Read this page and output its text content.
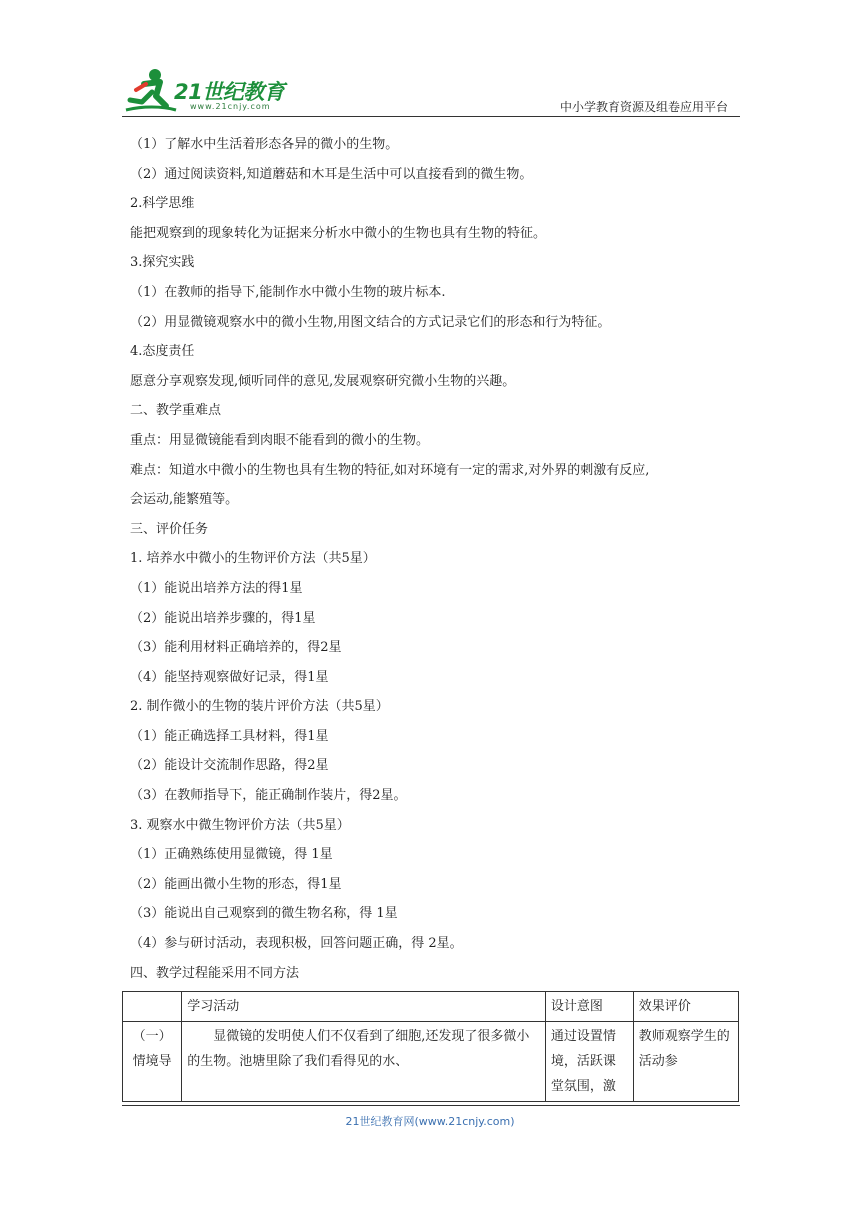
21世纪教育
www.21cnjy.com	中小学教育资源及组卷应用平台
（1）了解水中生活着形态各异的微小的生物。
（2）通过阅读资料,知道蘑菇和木耳是生活中可以直接看到的微生物。
2.科学思维
能把观察到的现象转化为证据来分析水中微小的生物也具有生物的特征。
3.探究实践
（1）在教师的指导下,能制作水中微小生物的玻片标本.
（2）用显微镜观察水中的微小生物,用图文结合的方式记录它们的形态和行为特征。
4.态度责任
愿意分享观察发现,倾听同伴的意见,发展观察研究微小生物的兴趣。
二、教学重难点
重点：用显微镜能看到肉眼不能看到的微小的生物。
难点：知道水中微小的生物也具有生物的特征,如对环境有一定的需求,对外界的刺激有反应,
会运动,能繁殖等。
三、评价任务
1. 培养水中微小的生物评价方法（共5星）
（1）能说出培养方法的得1星
（2）能说出培养步骤的，得1星
（3）能利用材料正确培养的，得2星
（4）能坚持观察做好记录，得1星
2. 制作微小的生物的装片评价方法（共5星）
（1）能正确选择工具材料，得1星
（2）能设计交流制作思路，得2星
（3）在教师指导下，能正确制作装片，得2星。
3. 观察水中微生物评价方法（共5星）
（1）正确熟练使用显微镜，得 1星
（2）能画出微小生物的形态，得1星
（3）能说出自己观察到的微生物名称，得 1星
（4）参与研讨活动，表现积极，回答问题正确，得 2星。
四、教学过程能采用不同方法
	学习活动	设计意图	效果评价
（一）
情境导	显微镜的发明使人们不仅看到了细胞,还发现了很多微小的生物。池塘里除了我们看得见的水、	通过设置情境，活跃课堂氛围，激	教师观察学生的活动参
21世纪教育网(www.21cnjy.com)
